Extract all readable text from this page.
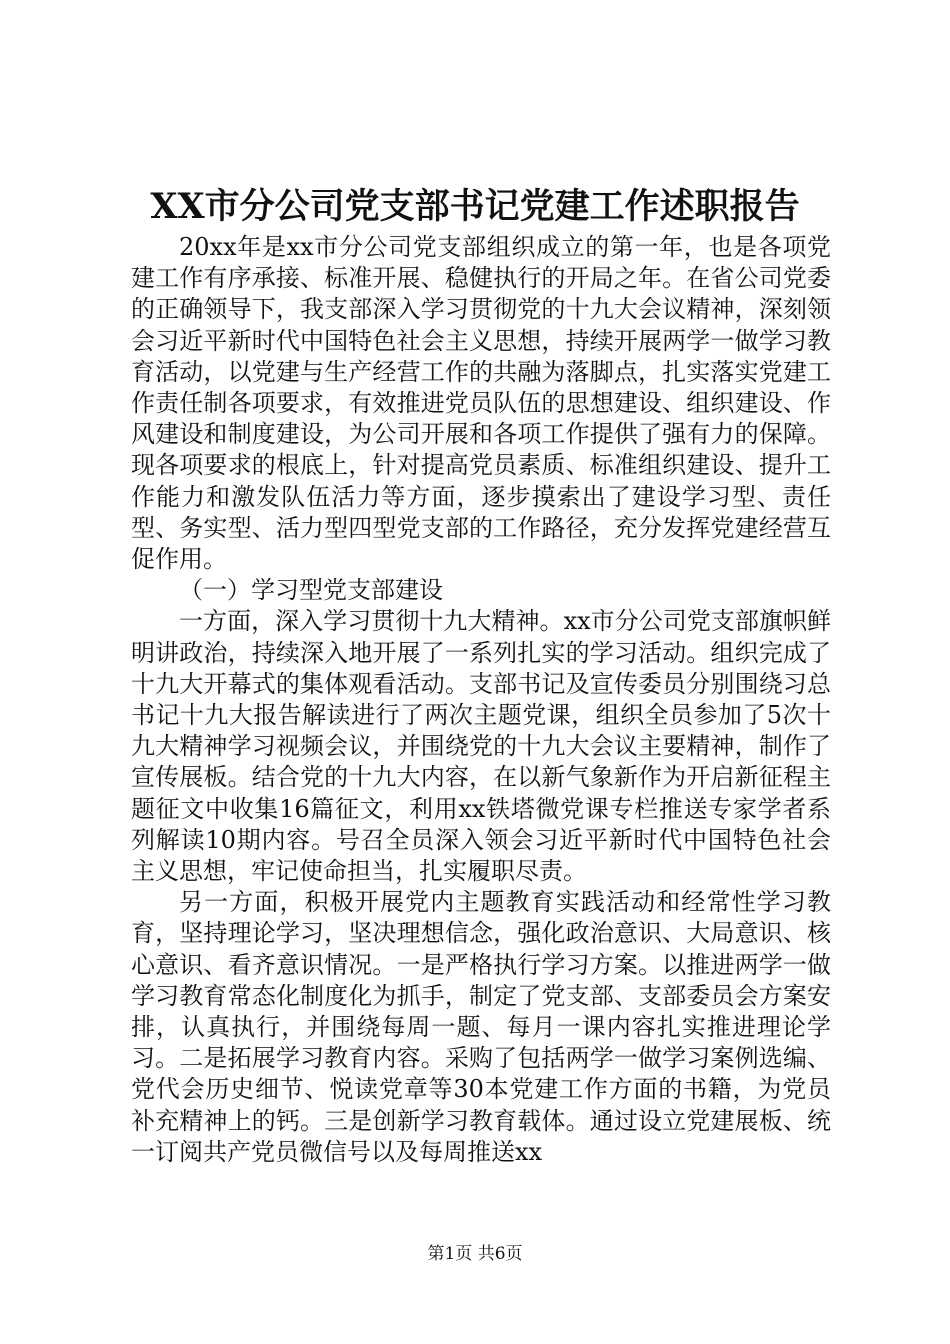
XX市分公司党支部书记党建工作述职报告

20xx年是xx市分公司党支部组织成立的第一年，也是各项党建工作有序承接、标准开展、稳健执行的开局之年。在省公司党委的正确领导下，我支部深入学习贯彻党的十九大会议精神，深刻领会习近平新时代中国特色社会主义思想，持续开展两学一做学习教育活动，以党建与生产经营工作的共融为落脚点，扎实落实党建工作责任制各项要求，有效推进党员队伍的思想建设、组织建设、作风建设和制度建设，为公司开展和各项工作提供了强有力的保障。现各项要求的根底上，针对提高党员素质、标准组织建设、提升工作能力和激发队伍活力等方面，逐步摸索出了建设学习型、责任型、务实型、活力型四型党支部的工作路径，充分发挥党建经营互促作用。

（一）学习型党支部建设

一方面，深入学习贯彻十九大精神。xx市分公司党支部旗帜鲜明讲政治，持续深入地开展了一系列扎实的学习活动。组织完成了十九大开幕式的集体观看活动。支部书记及宣传委员分别围绕习总书记十九大报告解读进行了两次主题党课，组织全员参加了5次十九大精神学习视频会议，并围绕党的十九大会议主要精神，制作了宣传展板。结合党的十九大内容，在以新气象新作为开启新征程主题征文中收集16篇征文，利用xx铁塔微党课专栏推送专家学者系列解读10期内容。号召全员深入领会习近平新时代中国特色社会主义思想，牢记使命担当，扎实履职尽责。

另一方面，积极开展党内主题教育实践活动和经常性学习教育，坚持理论学习，坚决理想信念，强化政治意识、大局意识、核心意识、看齐意识情况。一是严格执行学习方案。以推进两学一做学习教育常态化制度化为抓手，制定了党支部、支部委员会方案安排，认真执行，并围绕每周一题、每月一课内容扎实推进理论学习。二是拓展学习教育内容。采购了包括两学一做学习案例选编、党代会历史细节、悦读党章等30本党建工作方面的书籍，为党员补充精神上的钙。三是创新学习教育载体。通过设立党建展板、统一订阅共产党员微信号以及每周推送xx

第1页 共6页
